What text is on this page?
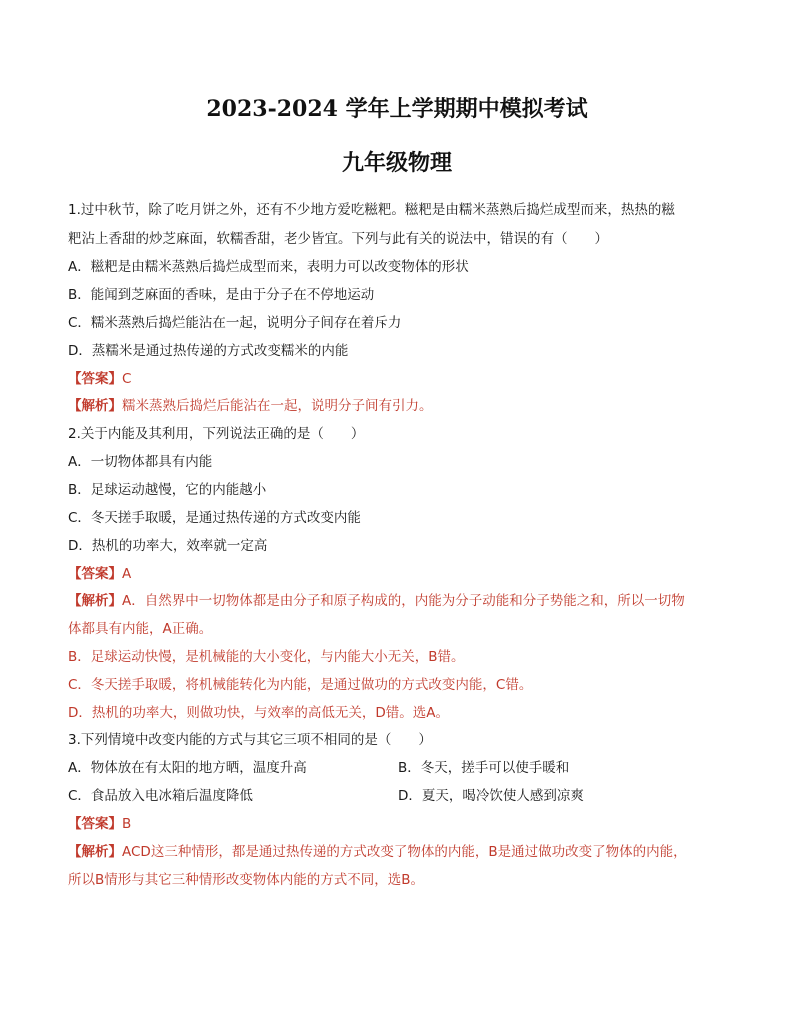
2023-2024 学年上学期期中模拟考试
九年级物理
1.过中秋节，除了吃月饼之外，还有不少地方爱吃糍粑。糍粑是由糯米蒸熟后捣烂成型而来，热热的糍
粑沾上香甜的炒芝麻面，软糯香甜，老少皆宜。下列与此有关的说法中，错误的有（　　）
A．糍粑是由糯米蒸熟后捣烂成型而来，表明力可以改变物体的形状
B．能闻到芝麻面的香味，是由于分子在不停地运动
C．糯米蒸熟后捣烂能沾在一起，说明分子间存在着斥力
D．蒸糯米是通过热传递的方式改变糯米的内能
【答案】C
【解析】糯米蒸熟后捣烂后能沾在一起，说明分子间有引力。
2.关于内能及其利用，下列说法正确的是（　　）
A．一切物体都具有内能
B．足球运动越慢，它的内能越小
C．冬天搓手取暖，是通过热传递的方式改变内能
D．热机的功率大，效率就一定高
【答案】A
【解析】A．自然界中一切物体都是由分子和原子构成的，内能为分子动能和分子势能之和，所以一切物
体都具有内能，A正确。
B．足球运动快慢，是机械能的大小变化，与内能大小无关，B错。
C．冬天搓手取暖，将机械能转化为内能，是通过做功的方式改变内能，C错。
D．热机的功率大，则做功快，与效率的高低无关，D错。选A。
3.下列情境中改变内能的方式与其它三项不相同的是（　　）
A．物体放在有太阳的地方晒，温度升高	B．冬天，搓手可以使手暖和
C．食品放入电冰箱后温度降低	D．夏天，喝冷饮使人感到凉爽
【答案】B
【解析】ACD这三种情形，都是通过热传递的方式改变了物体的内能，B是通过做功改变了物体的内能，
所以B情形与其它三种情形改变物体内能的方式不同，选B。
